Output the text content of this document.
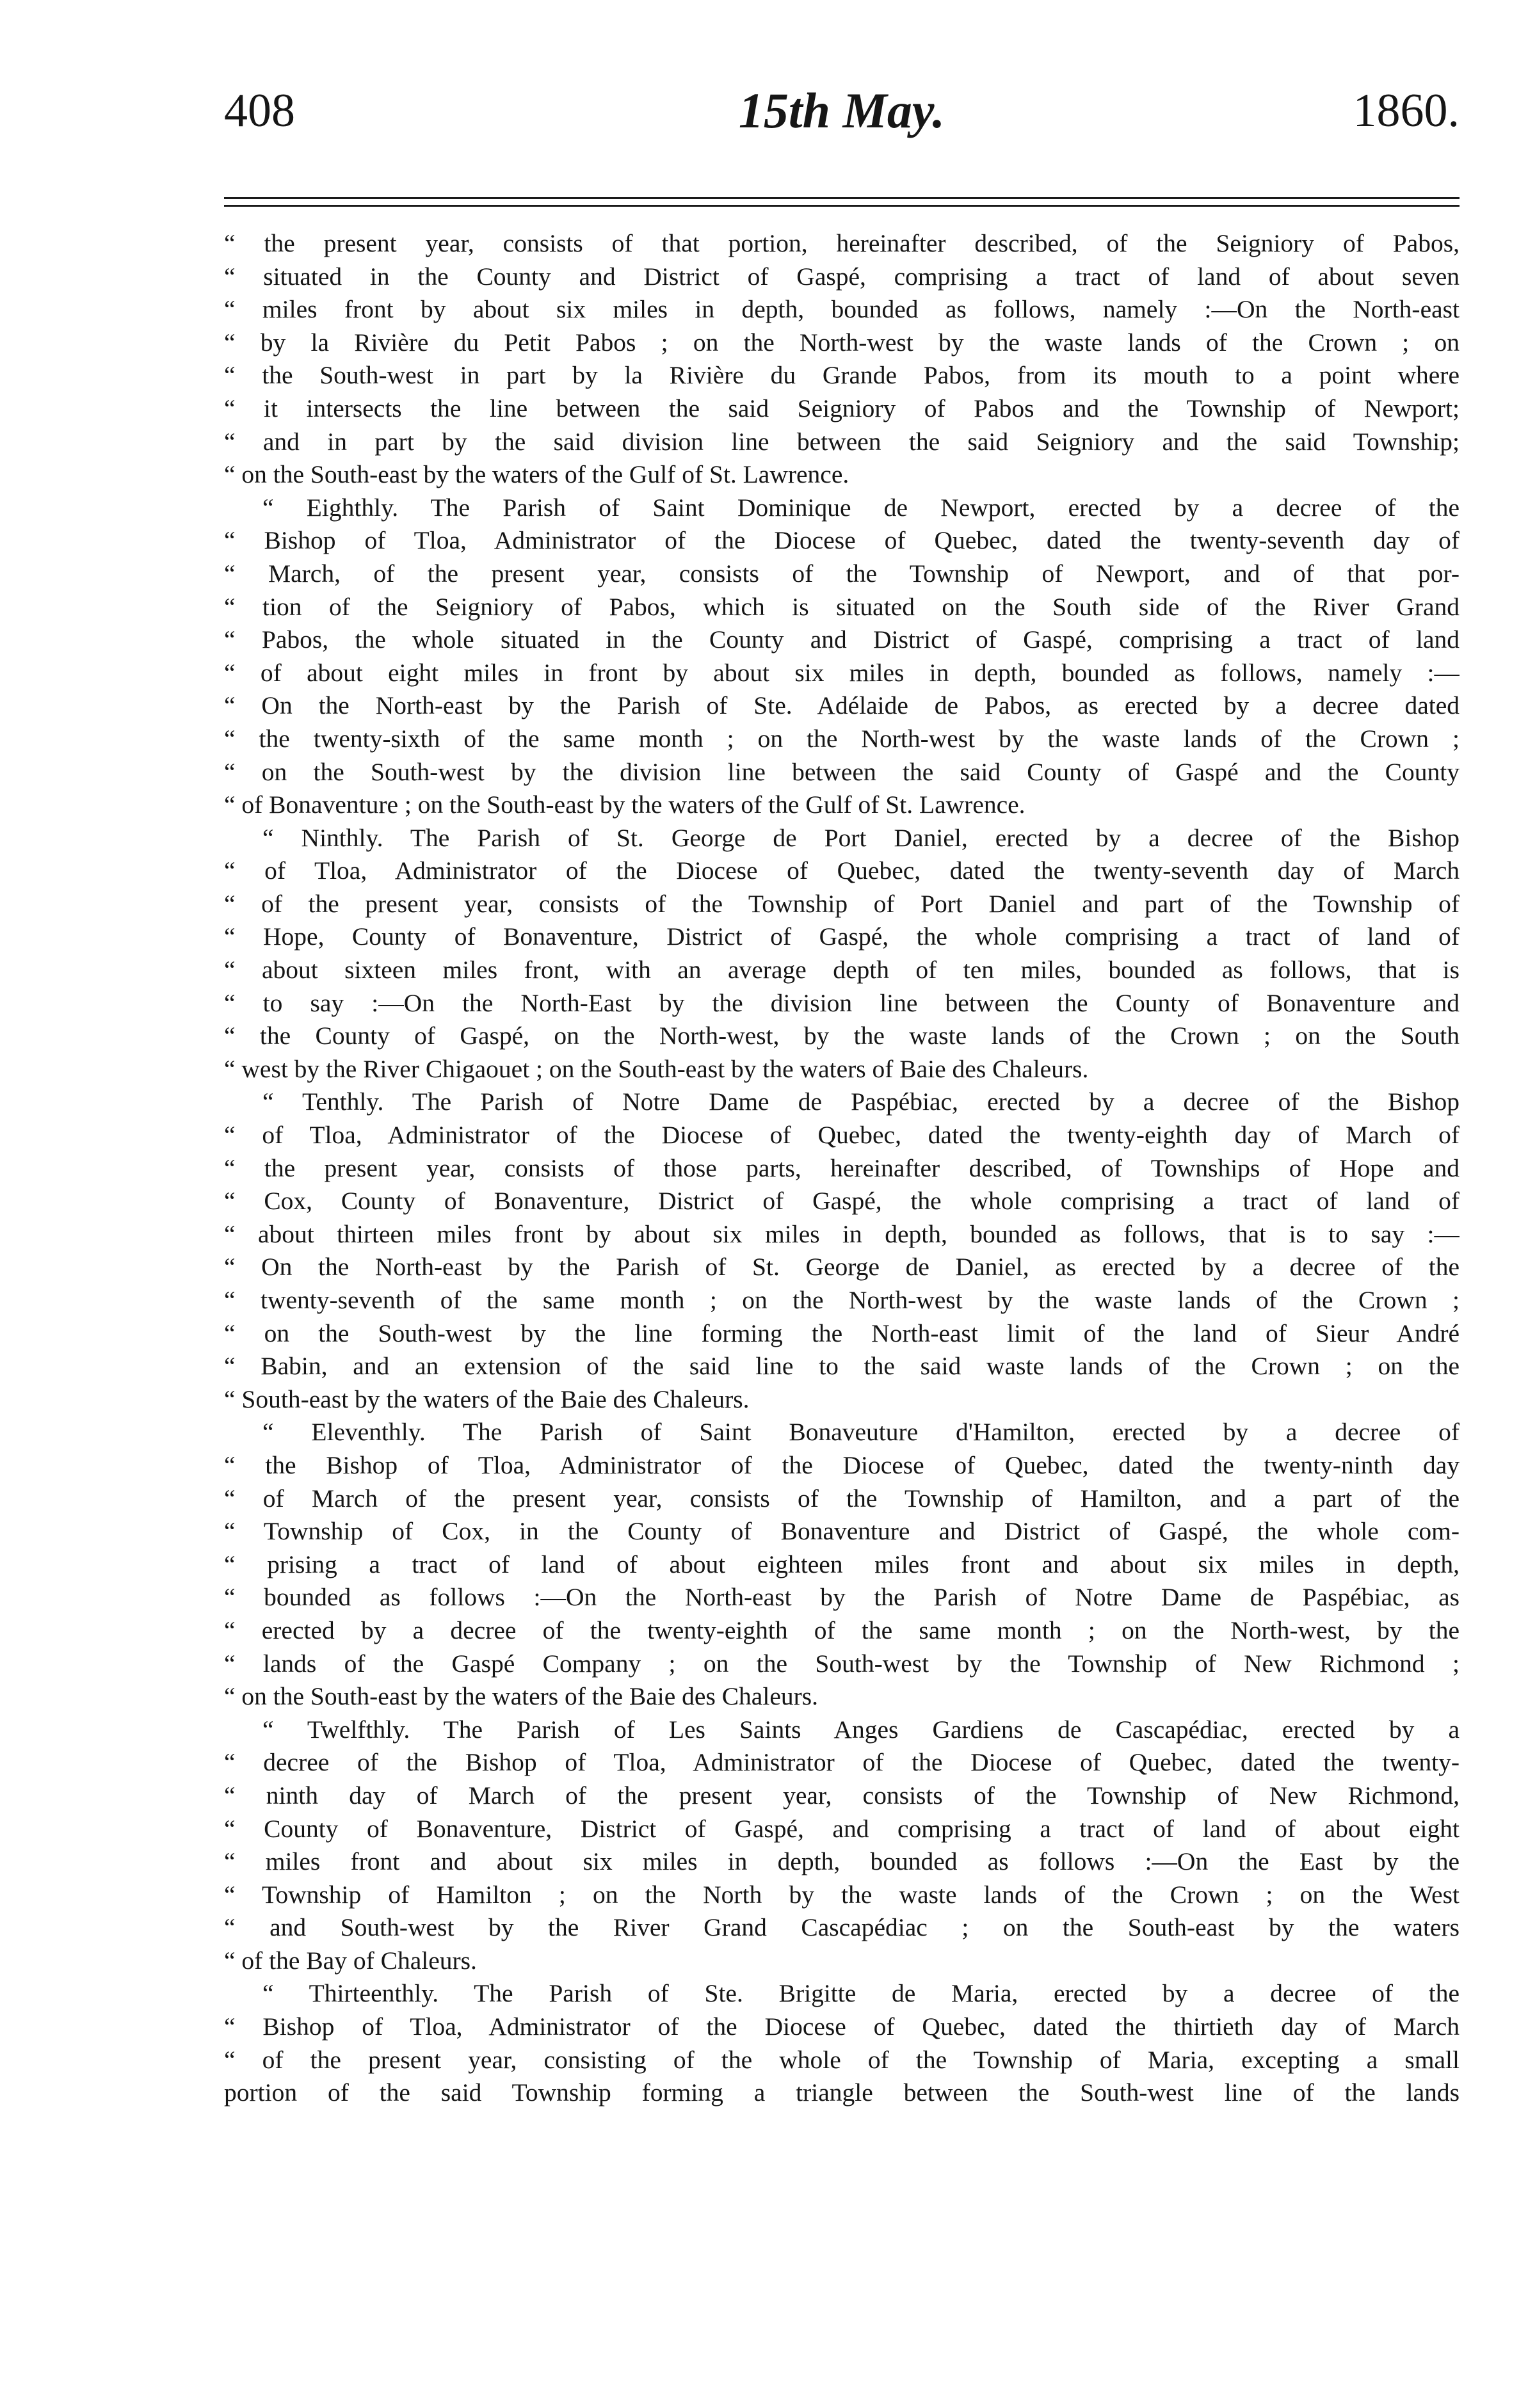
408	15th May.	1860.
“ the present year, consists of that portion, hereinafter described, of the Seigniory of Pabos,
“ situated in the County and District of Gaspé, comprising a tract of land of about seven
“ miles front by about six miles in depth, bounded as follows, namely :—On the North-east
“ by la Rivière du Petit Pabos ; on the North-west by the waste lands of the Crown ; on
“ the South-west in part by la Rivière du Grande Pabos, from its mouth to a point where
“ it intersects the line between the said Seigniory of Pabos and the Township of Newport;
“ and in part by the said division line between the said Seigniory and the said Township;
“ on the South-east by the waters of the Gulf of St. Lawrence.
“ Eighthly. The Parish of Saint Dominique de Newport, erected by a decree of the
“ Bishop of Tloa, Administrator of the Diocese of Quebec, dated the twenty-seventh day of
“ March, of the present year, consists of the Township of Newport, and of that por-
“ tion of the Seigniory of Pabos, which is situated on the South side of the River Grand
“ Pabos, the whole situated in the County and District of Gaspé, comprising a tract of land
“ of about eight miles in front by about six miles in depth, bounded as follows, namely :—
“ On the North-east by the Parish of Ste. Adélaide de Pabos, as erected by a decree dated
“ the twenty-sixth of the same month ; on the North-west by the waste lands of the Crown ;
“ on the South-west by the division line between the said County of Gaspé and the County
“ of Bonaventure ; on the South-east by the waters of the Gulf of St. Lawrence.
“ Ninthly. The Parish of St. George de Port Daniel, erected by a decree of the Bishop
“ of Tloa, Administrator of the Diocese of Quebec, dated the twenty-seventh day of March
“ of the present year, consists of the Township of Port Daniel and part of the Township of
“ Hope, County of Bonaventure, District of Gaspé, the whole comprising a tract of land of
“ about sixteen miles front, with an average depth of ten miles, bounded as follows, that is
“ to say :—On the North-East by the division line between the County of Bonaventure and
“ the County of Gaspé, on the North-west, by the waste lands of the Crown ; on the South
“ west by the River Chigaouet ; on the South-east by the waters of Baie des Chaleurs.
“ Tenthly. The Parish of Notre Dame de Paspébiac, erected by a decree of the Bishop
“ of Tloa, Administrator of the Diocese of Quebec, dated the twenty-eighth day of March of
“ the present year, consists of those parts, hereinafter described, of Townships of Hope and
“ Cox, County of Bonaventure, District of Gaspé, the whole comprising a tract of land of
“ about thirteen miles front by about six miles in depth, bounded as follows, that is to say :—
“ On the North-east by the Parish of St. George de Daniel, as erected by a decree of the
“ twenty-seventh of the same month ; on the North-west by the waste lands of the Crown ;
“ on the South-west by the line forming the North-east limit of the land of Sieur André
“ Babin, and an extension of the said line to the said waste lands of the Crown ; on the
“ South-east by the waters of the Baie des Chaleurs.
“ Eleventhly. The Parish of Saint Bonaveuture d'Hamilton, erected by a decree of
“ the Bishop of Tloa, Administrator of the Diocese of Quebec, dated the twenty-ninth day
“ of March of the present year, consists of the Township of Hamilton, and a part of the
“ Township of Cox, in the County of Bonaventure and District of Gaspé, the whole com-
“ prising a tract of land of about eighteen miles front and about six miles in depth,
“ bounded as follows :—On the North-east by the Parish of Notre Dame de Paspébiac, as
“ erected by a decree of the twenty-eighth of the same month ; on the North-west, by the
“ lands of the Gaspé Company ; on the South-west by the Township of New Richmond ;
“ on the South-east by the waters of the Baie des Chaleurs.
“ Twelfthly. The Parish of Les Saints Anges Gardiens de Cascapédiac, erected by a
“ decree of the Bishop of Tloa, Administrator of the Diocese of Quebec, dated the twenty-
“ ninth day of March of the present year, consists of the Township of New Richmond,
“ County of Bonaventure, District of Gaspé, and comprising a tract of land of about eight
“ miles front and about six miles in depth, bounded as follows :—On the East by the
“ Township of Hamilton ; on the North by the waste lands of the Crown ; on the West
“ and South-west by the River Grand Cascapédiac ; on the South-east by the waters
“ of the Bay of Chaleurs.
“ Thirteenthly. The Parish of Ste. Brigitte de Maria, erected by a decree of the
“ Bishop of Tloa, Administrator of the Diocese of Quebec, dated the thirtieth day of March
“ of the present year, consisting of the whole of the Township of Maria, excepting a small
portion of the said Township forming a triangle between the South-west line of the lands
